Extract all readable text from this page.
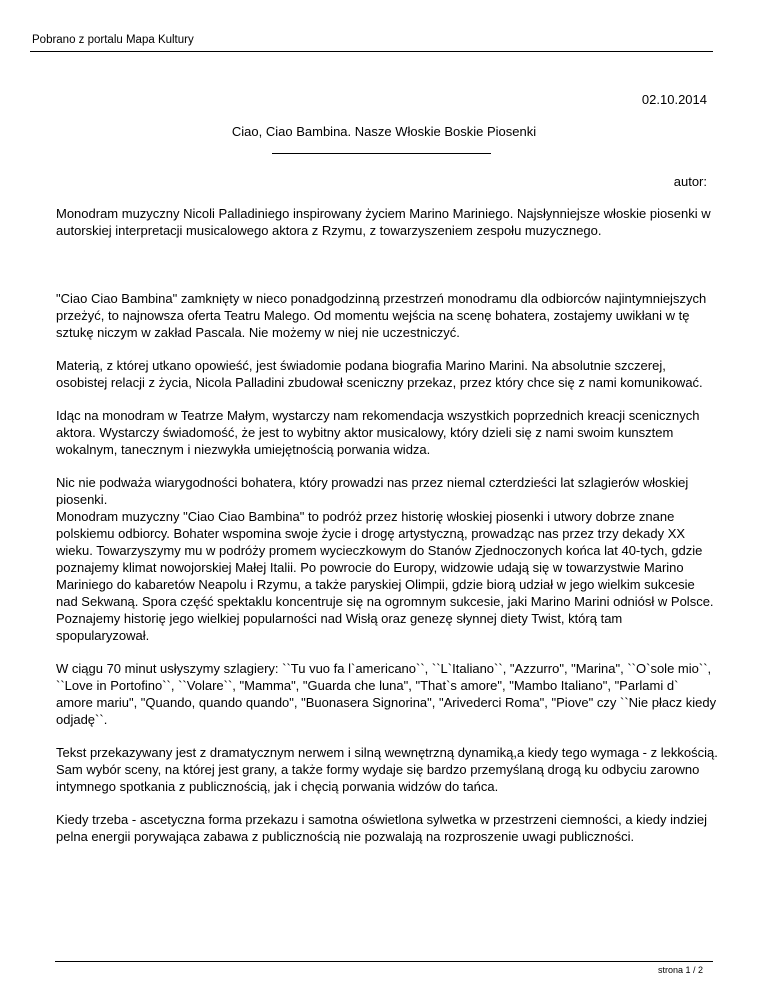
Pobrano z portalu Mapa Kultury
02.10.2014
Ciao, Ciao Bambina. Nasze Włoskie Boskie Piosenki
autor:

Monodram muzyczny Nicoli Palladiniego inspirowany życiem Marino Mariniego. Najsłynniejsze włoskie piosenki w autorskiej interpretacji musicalowego aktora z Rzymu, z towarzyszeniem zespołu muzycznego.

"Ciao Ciao Bambina" zamknięty w nieco ponadgodzinną przestrzeń monodramu dla odbiorców najintymniejszych przeżyć, to najnowsza oferta Teatru Malego. Od momentu wejścia na scenę bohatera, zostajemy uwikłani w tę sztukę niczym w zakład Pascala. Nie możemy w niej nie uczestniczyć.

Materią, z której utkano opowieść, jest świadomie podana biografia Marino Marini. Na absolutnie szczerej, osobistej relacji z życia, Nicola Palladini zbudował sceniczny przekaz, przez który chce się z nami komunikować.

Idąc na monodram w Teatrze Małym, wystarczy nam rekomendacja wszystkich poprzednich kreacji scenicznych aktora. Wystarczy świadomość, że jest to wybitny aktor musicalowy, który dzieli się z nami swoim kunsztem wokalnym, tanecznym i niezwykła umiejętnością porwania widza.

Nic nie podważa wiarygodności bohatera, który prowadzi nas przez niemal czterdzieści lat szlagierów włoskiej piosenki.
Monodram muzyczny "Ciao Ciao Bambina" to podróż przez historię włoskiej piosenki i utwory dobrze znane polskiemu odbiorcy. Bohater wspomina swoje życie i drogę artystyczną, prowadząc nas przez trzy dekady XX wieku. Towarzyszymy mu w podróży promem wycieczkowym do Stanów Zjednoczonych końca lat 40-tych, gdzie poznajemy klimat nowojorskiej Małej Italii. Po powrocie do Europy, widzowie udają się w towarzystwie Marino Mariniego do kabaretów Neapolu i Rzymu, a także paryskiej Olimpii, gdzie biorą udział w jego wielkim sukcesie nad Sekwaną. Spora część spektaklu koncentruje się na ogromnym sukcesie, jaki Marino Marini odniósł w Polsce. Poznajemy historię jego wielkiej popularności nad Wisłą oraz genezę słynnej diety Twist, którą tam spopularyzował.

W ciągu 70 minut usłyszymy szlagiery: ``Tu vuo fa l`americano``, ``L`Italiano``, "Azzurro", "Marina", ``O`sole mio``, ``Love in Portofino``, ``Volare``, "Mamma", "Guarda che luna", "That`s amore", "Mambo Italiano", "Parlami d` amore mariu", "Quando, quando quando", "Buonasera Signorina", "Arivederci Roma", "Piove" czy ``Nie płacz kiedy odjadę``.

Tekst przekazywany jest z dramatycznym nerwem i silną wewnętrzną dynamiką,a kiedy tego wymaga - z lekkością. Sam wybór sceny, na której jest grany, a także formy wydaje się bardzo przemyślaną drogą ku odbyciu zarowno intymnego spotkania z publicznością, jak i chęcią porwania widzów do tańca.

Kiedy trzeba - ascetyczna forma przekazu i samotna oświetlona sylwetka w przestrzeni ciemności, a kiedy indziej pelna energii porywająca zabawa z publicznością nie pozwalają na rozproszenie uwagi publiczności.

strona 1 / 2
